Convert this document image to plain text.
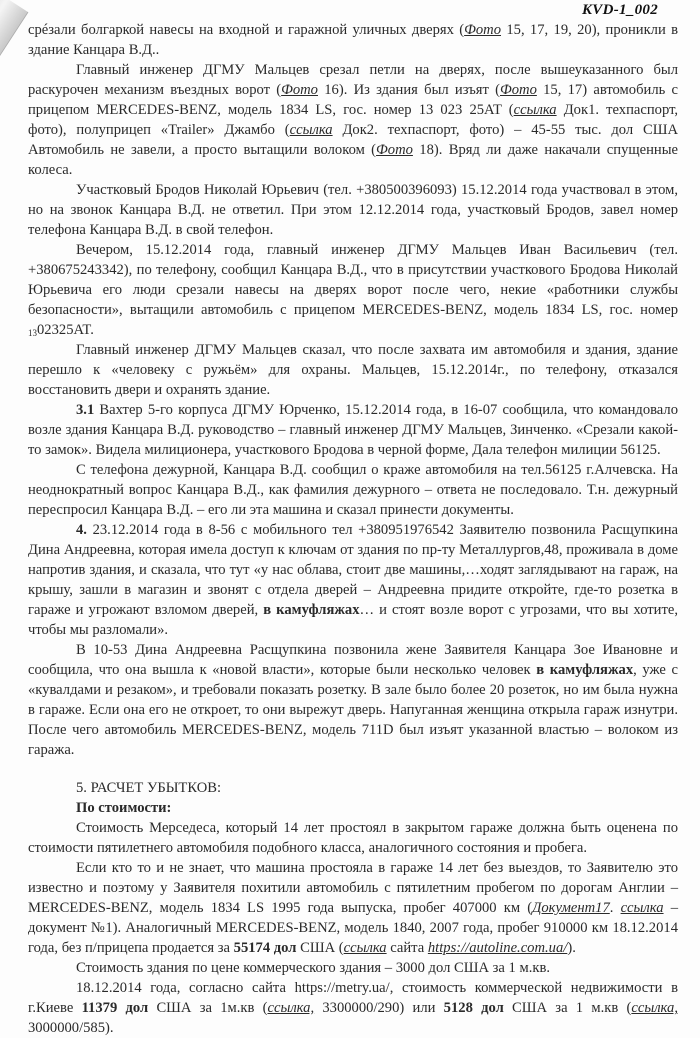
KVD-1_002

срéзали болгаркой навесы на входной и гаражной уличных дверях (Фото 15, 17, 19, 20), проникли в здание Канцара В.Д..

Главный инженер ДГМУ Мальцев срезал петли на дверях, после вышеуказанного был раскурочен механизм въездных ворот (Фото 16). Из здания был изъят (Фото 15, 17) автомобиль с прицепом MERCEDES-BENZ, модель 1834 LS, гос. номер 13 023 25AT (ссылка Док1. техпаспорт, фото), полуприцеп «Trailer» Джамбо (ссылка Док2. техпаспорт, фото) – 45-55 тыс. дол США Автомобиль не завели, а просто вытащили волоком (Фото 18). Вряд ли даже накачали спущенные колеса.

Участковый Бродов Николай Юрьевич (тел. +380500396093) 15.12.2014 года участвовал в этом, но на звонок Канцара В.Д. не ответил. При этом 12.12.2014 года, участковый Бродов, завел номер телефона Канцара В.Д. в свой телефон.

Вечером, 15.12.2014 года, главный инженер ДГМУ Мальцев Иван Васильевич (тел. +380675243342), по телефону, сообщил Канцара В.Д., что в присутствии участкового Бродова Николай Юрьевича его люди срезали навесы на дверях ворот после чего, некие «работники службы безопасности», вытащили автомобиль с прицепом MERCEDES-BENZ, модель 1834 LS, гос. номер $_{13}$02325AT.

Главный инженер ДГМУ Мальцев сказал, что после захвата им автомобиля и здания, здание перешло к «человеку с ружьём» для охраны. Мальцев, 15.12.2014г., по телефону, отказался восстановить двери и охранять здание.

3.1 Вахтер 5-го корпуса ДГМУ Юрченко, 15.12.2014 года, в 16-07 сообщила, что командовало возле здания Канцара В.Д. руководство – главный инженер ДГМУ Мальцев, Зинченко. «Срезали какой-то замок». Видела милиционера, участкового Бродова в черной форме, Дала телефон милиции 56125.

С телефона дежурной, Канцара В.Д. сообщил о краже автомобиля на тел.56125 г.Алчевска. На неоднократный вопрос Канцара В.Д., как фамилия дежурного – ответа не последовало. Т.н. дежурный переспросил Канцара В.Д. – его ли эта машина и сказал принести документы.

4. 23.12.2014 года в 8-56 с мобильного тел +380951976542 Заявителю позвонила Расщупкина Дина Андреевна, которая имела доступ к ключам от здания по пр-ту Металлургов,48, проживала в доме напротив здания, и сказала, что тут «у нас облава, стоит две машины,…ходят заглядывают на гараж, на крышу, зашли в магазин и звонят с отдела дверей – Андреевна придите откройте, где-то розетка в гараже и угрожают взломом дверей, в камуфляжах… и стоят возле ворот с угрозами, что вы хотите, чтобы мы разломали».

В 10-53 Дина Андреевна Расщупкина позвонила жене Заявителя Канцара Зое Ивановне и сообщила, что она вышла к «новой власти», которые были несколько человек в камуфляжах, уже с «кувалдами и резаком», и требовали показать розетку. В зале было более 20 розеток, но им была нужна в гараже. Если она его не откроет, то они вырежут дверь. Напуганная женщина открыла гараж изнутри. После чего автомобиль MERCEDES-BENZ, модель 711D был изъят указанной властью – волоком из гаража.

5. РАСЧЕТ УБЫТКОВ:
По стоимости:

Стоимость Мерседеса, который 14 лет простоял в закрытом гараже должна быть оценена по стоимости пятилетнего автомобиля подобного класса, аналогичного состояния и пробега.

Если кто то и не знает, что машина простояла в гараже 14 лет без выездов, то Заявителю это известно и поэтому у Заявителя похитили автомобиль с пятилетним пробегом по дорогам Англии – MERCEDES-BENZ, модель 1834 LS 1995 года выпуска, пробег 407000 км (Документ17. ссылка – документ №1). Аналогичный MERCEDES-BENZ, модель 1840, 2007 года, пробег 910000 км 18.12.2014 года, без п/прицепа продается за 55174 дол США (ссылка сайта https://autoline.com.ua/).

Стоимость здания по цене коммерческого здания – 3000 дол США за 1 м.кв.

18.12.2014 года, согласно сайта https://metry.ua/, стоимость коммерческой недвижимости в г.Киеве 11379 дол США за 1м.кв (ссылка, 3300000/290) или 5128 дол США за 1 м.кв (ссылка, 3000000/585).
